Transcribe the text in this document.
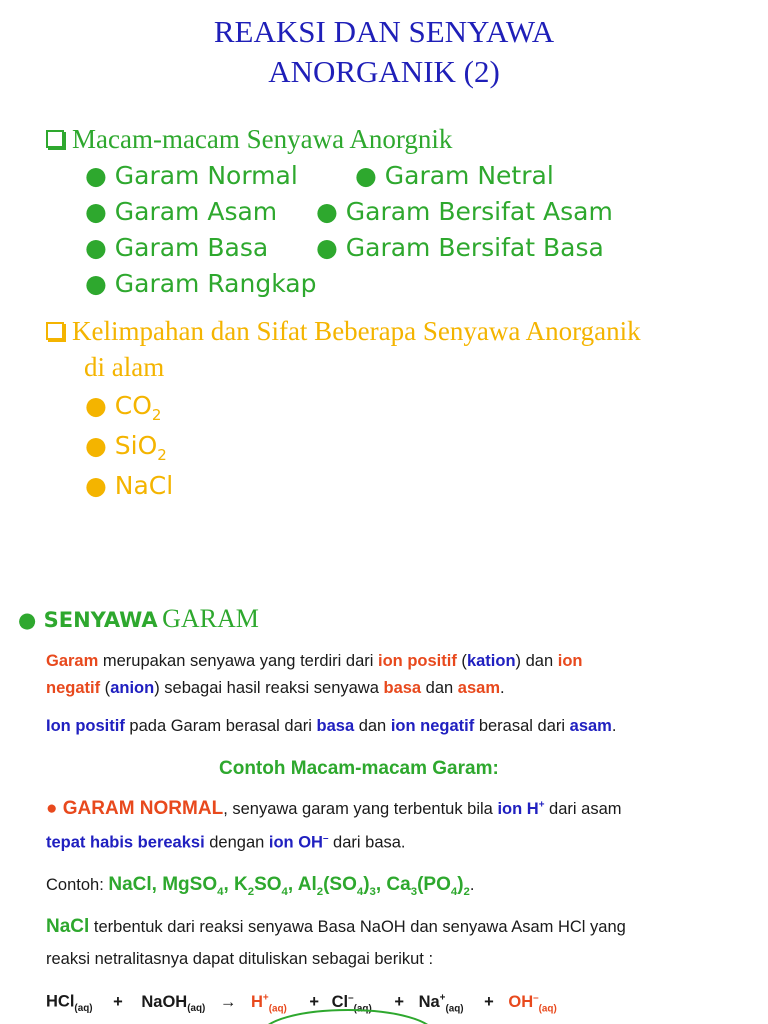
REAKSI DAN SENYAWA
ANORGANIK (2)
Macam-macam Senyawa Anorgnik
● Garam Normal
● Garam Asam
● Garam Basa
● Garam Rangkap
● Garam Netral
● Garam Bersifat Asam
● Garam Bersifat Basa
Kelimpahan dan Sifat Beberapa Senyawa Anorganik
di alam
● $CO_2$
● SiO$_2$
● NaCl
● SENYAWA GARAM
Garam merupakan senyawa yang terdiri dari ion positif (kation) dan ion
negatif (anion) sebagai hasil reaksi senyawa basa dan asam.
Ion positif pada Garam berasal dari basa dan ion negatif berasal dari asam.
Contoh Macam-macam Garam:
● GARAM NORMAL, senyawa garam yang terbentuk bila ion H+ dari asam
tepat habis bereaksi dengan ion OH– dari basa.
Contoh: NaCl, MgSO$_4$, $K_2SO_4$, $Al_2(SO_4)_3$, $Ca_3(PO_4)_2$.
NaCl terbentuk dari reaksi senyawa Basa NaOH dan senyawa Asam HCl yang
reaksi netralitasnya dapat dituliskan sebagai berikut :
HCl$_{(aq)}$ + NaOH$_{(aq)}$ → $H^+_{(aq)} + Cl^-_{(aq)} + Na^+_{(aq)} + OH^-_{(aq)}$
